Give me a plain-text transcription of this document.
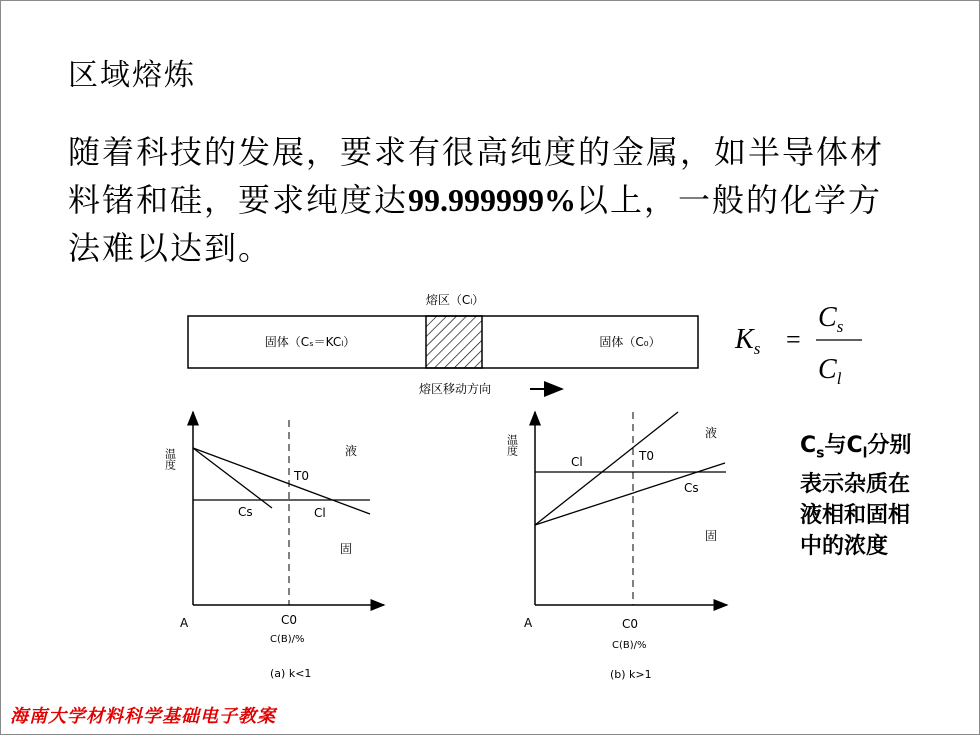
区域熔炼
随着科技的发展，要求有很高纯度的金属，如半导体材料锗和硅，要求纯度达99.999999%以上，一般的化学方法难以达到。
熔区（Cₗ）
固体（Cₛ＝KCₗ）	固体（C₀）
熔区移动方向
$K_s$ =
$C_s$
$C_l$
温度	液
固
T0
Cs	Cl
A	C0
C(B)/%
(a) k<1
温度
液
固
T0
Cl
Cs
A	C0
C(B)/%
(b) k>1
$C_s$与$C_l$分别表示杂质在液相和固相中的浓度
海南大学材料科学基础电子教案
